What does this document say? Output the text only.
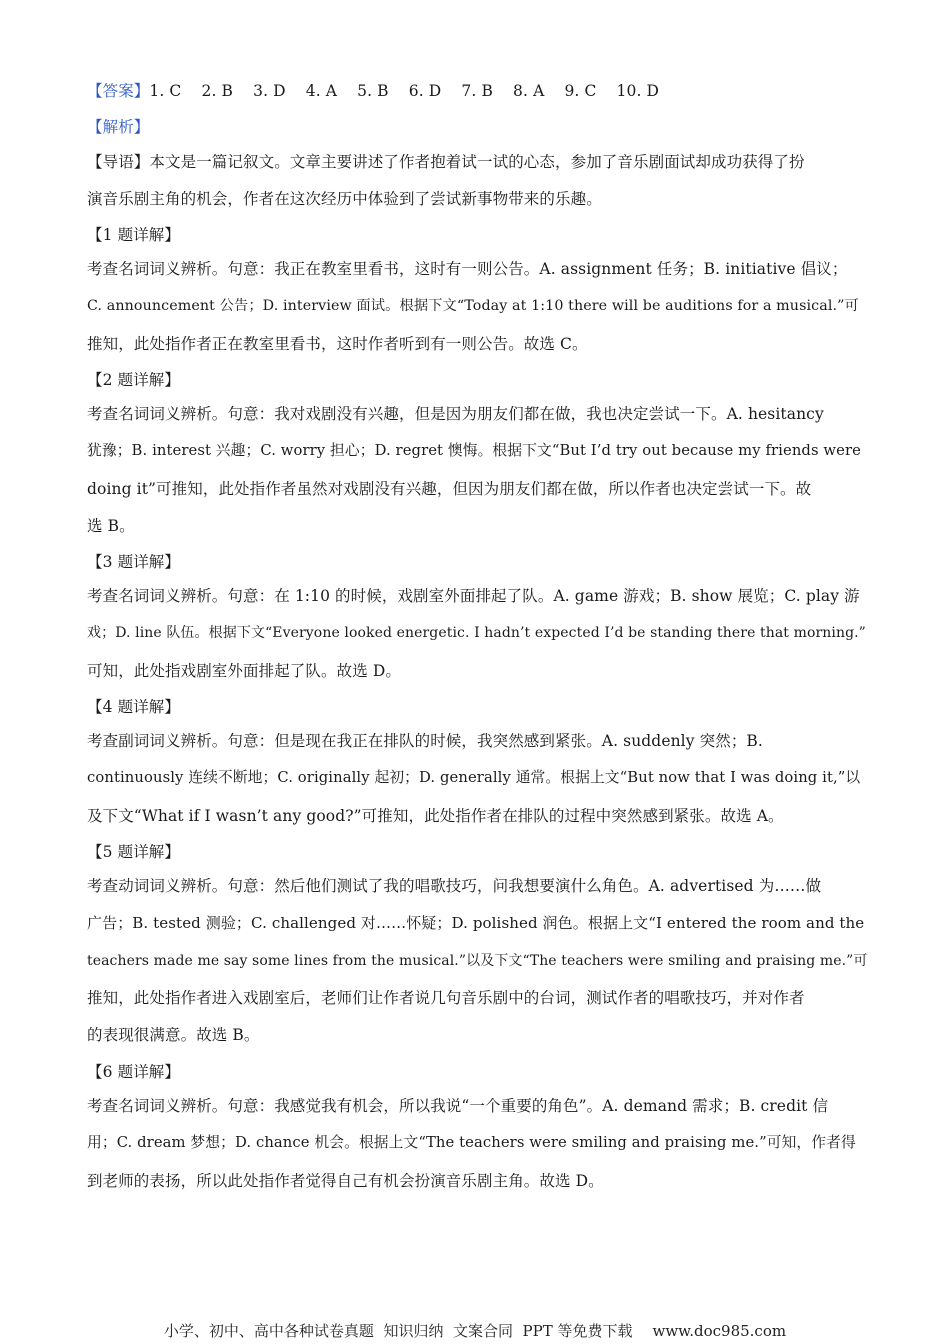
【答案】1. C    2. B    3. D    4. A    5. B    6. D    7. B    8. A    9. C    10. D
【解析】
【导语】本文是一篇记叙文。文章主要讲述了作者抱着试一试的心态，参加了音乐剧面试却成功获得了扮
演音乐剧主角的机会，作者在这次经历中体验到了尝试新事物带来的乐趣。
【1 题详解】
考查名词词义辨析。句意：我正在教室里看书，这时有一则公告。A. assignment 任务；B. initiative 倡议；
C. announcement 公告；D. interview 面试。根据下文“Today at 1:10 there will be auditions for a musical.”可
推知，此处指作者正在教室里看书，这时作者听到有一则公告。故选 C。
【2 题详解】
考查名词词义辨析。句意：我对戏剧没有兴趣，但是因为朋友们都在做，我也决定尝试一下。A. hesitancy
犹豫；B. interest 兴趣；C. worry 担心；D. regret 懊悔。根据下文“But I’d try out because my friends were
doing it”可推知，此处指作者虽然对戏剧没有兴趣，但因为朋友们都在做，所以作者也决定尝试一下。故
选 B。
【3 题详解】
考查名词词义辨析。句意：在 1:10 的时候，戏剧室外面排起了队。A. game 游戏；B. show 展览；C. play 游
戏；D. line 队伍。根据下文“Everyone looked energetic. I hadn’t expected I’d be standing there that morning.”
可知，此处指戏剧室外面排起了队。故选 D。
【4 题详解】
考查副词词义辨析。句意：但是现在我正在排队的时候，我突然感到紧张。A. suddenly 突然；B.
continuously 连续不断地；C. originally 起初；D. generally 通常。根据上文“But now that I was doing it,”以
及下文“What if I wasn’t any good?”可推知，此处指作者在排队的过程中突然感到紧张。故选 A。
【5 题详解】
考查动词词义辨析。句意：然后他们测试了我的唱歌技巧，问我想要演什么角色。A. advertised 为……做
广告；B. tested 测验；C. challenged 对……怀疑；D. polished 润色。根据上文“I entered the room and the
teachers made me say some lines from the musical.”以及下文“The teachers were smiling and praising me.”可
推知，此处指作者进入戏剧室后，老师们让作者说几句音乐剧中的台词，测试作者的唱歌技巧，并对作者
的表现很满意。故选 B。
【6 题详解】
考查名词词义辨析。句意：我感觉我有机会，所以我说“一个重要的角色”。A. demand 需求；B. credit 信
用；C. dream 梦想；D. chance 机会。根据上文“The teachers were smiling and praising me.”可知，作者得
到老师的表扬，所以此处指作者觉得自己有机会扮演音乐剧主角。故选 D。
小学、初中、高中各种试卷真题  知识归纳  文案合同  PPT 等免费下载 www.doc985.com
